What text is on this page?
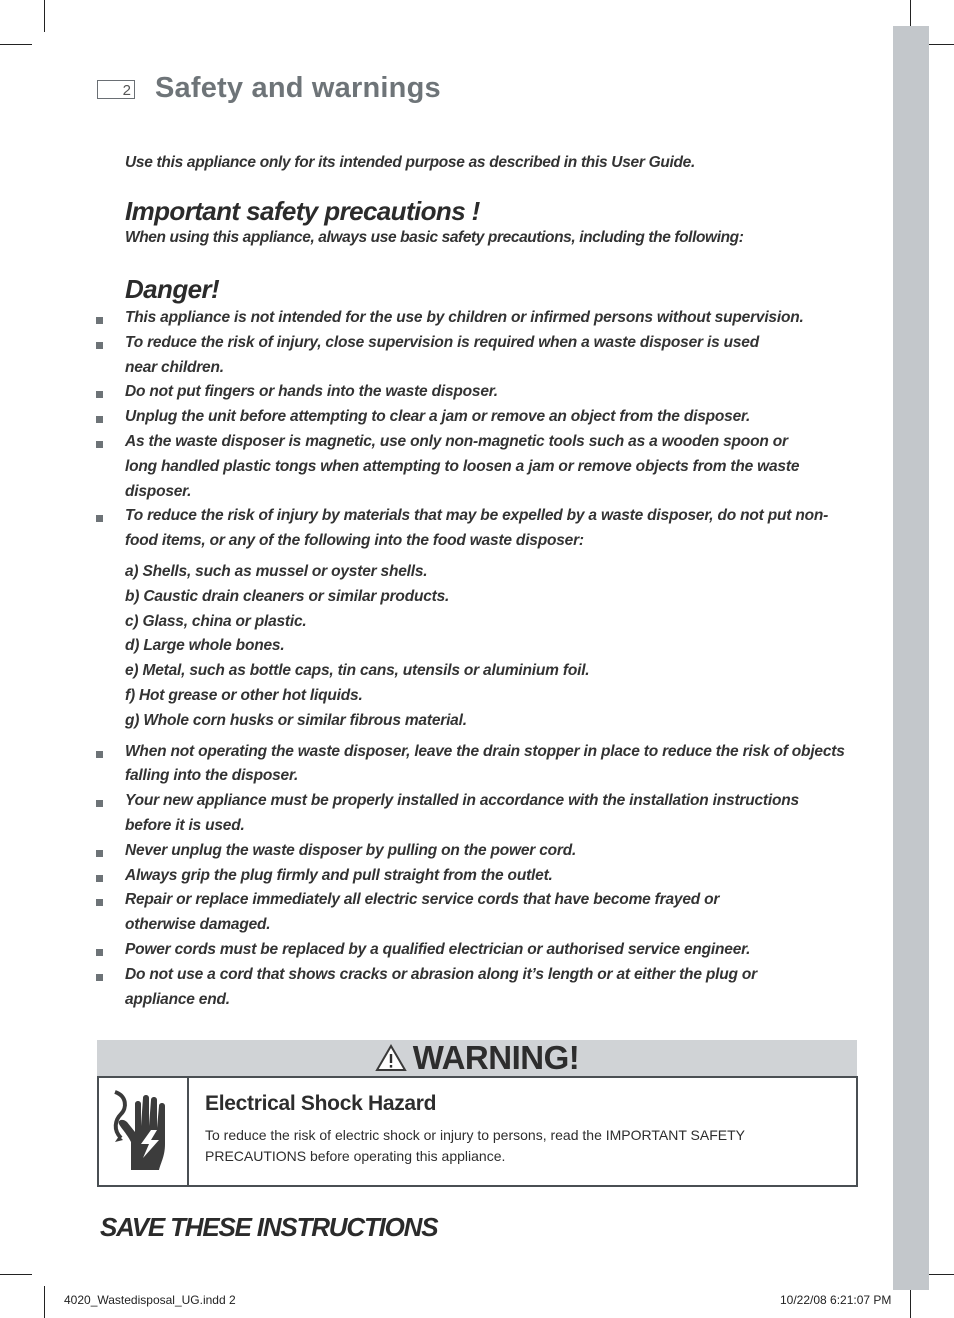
2 Safety and warnings
Use this appliance only for its intended purpose as described in this User Guide.
Important safety precautions !
When using this appliance, always use basic safety precautions, including the following:
Danger!
This appliance is not intended for the use by children or infirmed persons without supervision.
To reduce the risk of injury, close supervision is required when a waste disposer is used near children.
Do not put fingers or hands into the waste disposer.
Unplug the unit before attempting to clear a jam or remove an object from the disposer.
As the waste disposer is magnetic, use only non-magnetic tools such as a wooden spoon or long handled plastic tongs when attempting to loosen a jam or remove objects from the waste disposer.
To reduce the risk of injury by materials that may be expelled by a waste disposer, do not put non-food items, or any of the following into the food waste disposer:
a) Shells, such as mussel or oyster shells.
b) Caustic drain cleaners or similar products.
c) Glass, china or plastic.
d) Large whole bones.
e) Metal, such as bottle caps, tin cans, utensils or aluminium foil.
f) Hot grease or other hot liquids.
g) Whole corn husks or similar fibrous material.
When not operating the waste disposer, leave the drain stopper in place to reduce the risk of objects falling into the disposer.
Your new appliance must be properly installed in accordance with the installation instructions before it is used.
Never unplug the waste disposer by pulling on the power cord.
Always grip the plug firmly and pull straight from the outlet.
Repair or replace immediately all electric service cords that have become frayed or otherwise damaged.
Power cords must be replaced by a qualified electrician or authorised service engineer.
Do not use a cord that shows cracks or abrasion along it’s length or at either the plug or appliance end.
WARNING!
Electrical Shock Hazard
To reduce the risk of electric shock or injury to persons, read the IMPORTANT SAFETY PRECAUTIONS before operating this appliance.
SAVE THESE INSTRUCTIONS
4020_Wastedisposal_UG.indd 2	10/22/08 6:21:07 PM
